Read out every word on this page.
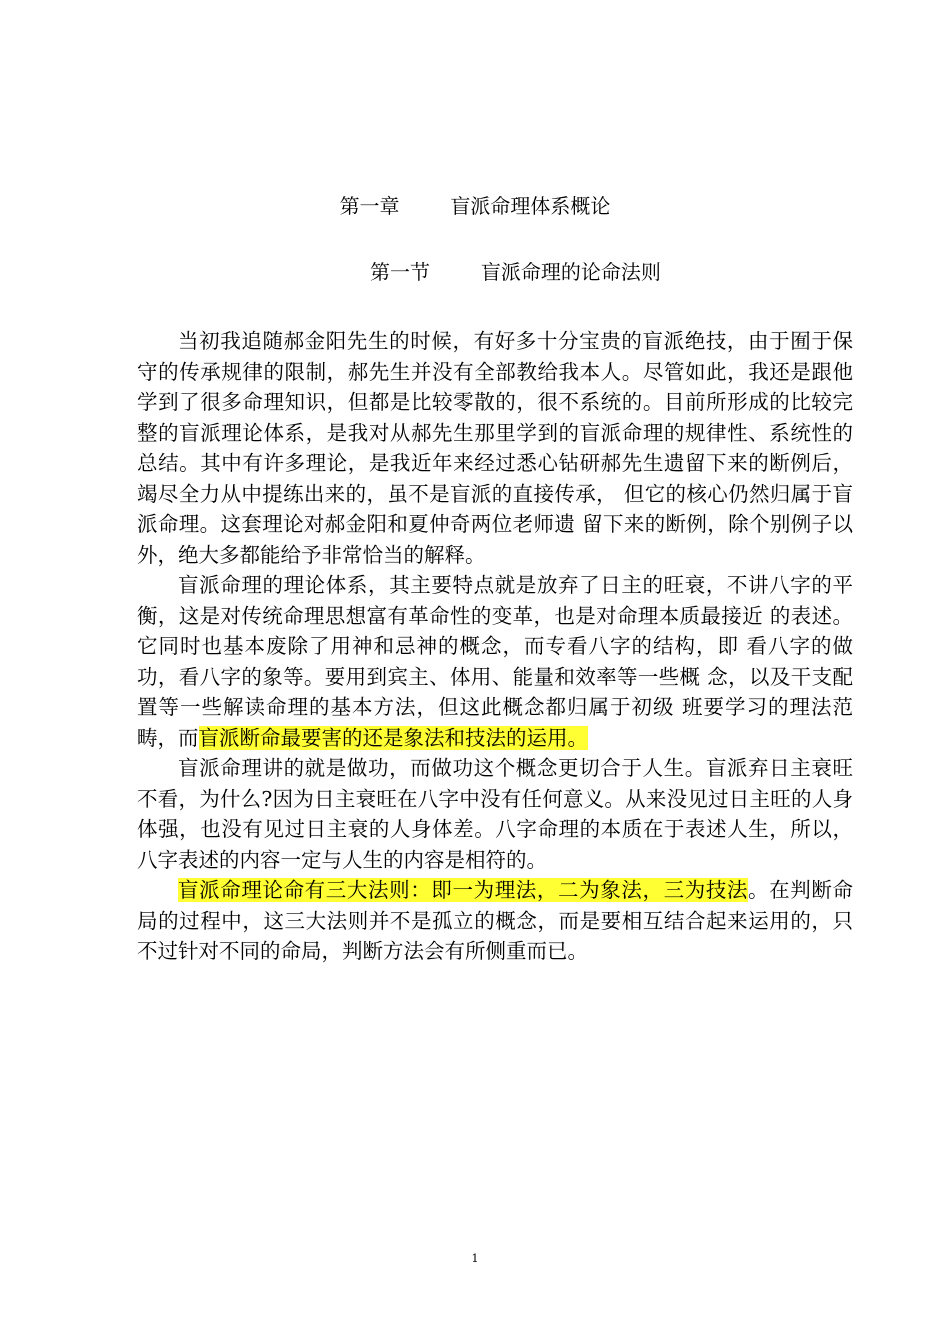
第一章        盲派命理体系概论
第一节        盲派命理的论命法则

当初我追随郝金阳先生的时候，有好多十分宝贵的盲派绝技，由于囿于保守的传承规律的限制，郝先生并没有全部教给我本人。尽管如此，我还是跟他学到了很多命理知识，但都是比较零散的，很不系统的。目前所形成的比较完整的盲派理论体系，是我对从郝先生那里学到的盲派命理的规律性、系统性的总结。其中有许多理论，是我近年来经过悉心钻研郝先生遗留下来的断例后，竭尽全力从中提练出来的，虽不是盲派的直接传承， 但它的核心仍然归属于盲派命理。这套理论对郝金阳和夏仲奇两位老师遗 留下来的断例，除个别例子以外，绝大多都能给予非常恰当的解释。

盲派命理的理论体系，其主要特点就是放弃了日主的旺衰，不讲八字的平衡，这是对传统命理思想富有革命性的变革，也是对命理本质最接近 的表述。它同时也基本废除了用神和忌神的概念，而专看八字的结构，即 看八字的做功，看八字的象等。要用到宾主、体用、能量和效率等一些概 念，以及干支配置等一些解读命理的基本方法，但这此概念都归属于初级 班要学习的理法范畴，而盲派断命最要害的还是象法和技法的运用。

盲派命理讲的就是做功，而做功这个概念更切合于人生。盲派弃日主衰旺不看，为什么?因为日主衰旺在八字中没有任何意义。从来没见过日主旺的人身体强，也没有见过日主衰的人身体差。八字命理的本质在于表述人生，所以，八字表述的内容一定与人生的内容是相符的。

盲派命理论命有三大法则：即一为理法，二为象法，三为技法。在判断命局的过程中，这三大法则并不是孤立的概念，而是要相互结合起来运用的，只不过针对不同的命局，判断方法会有所侧重而已。

1
